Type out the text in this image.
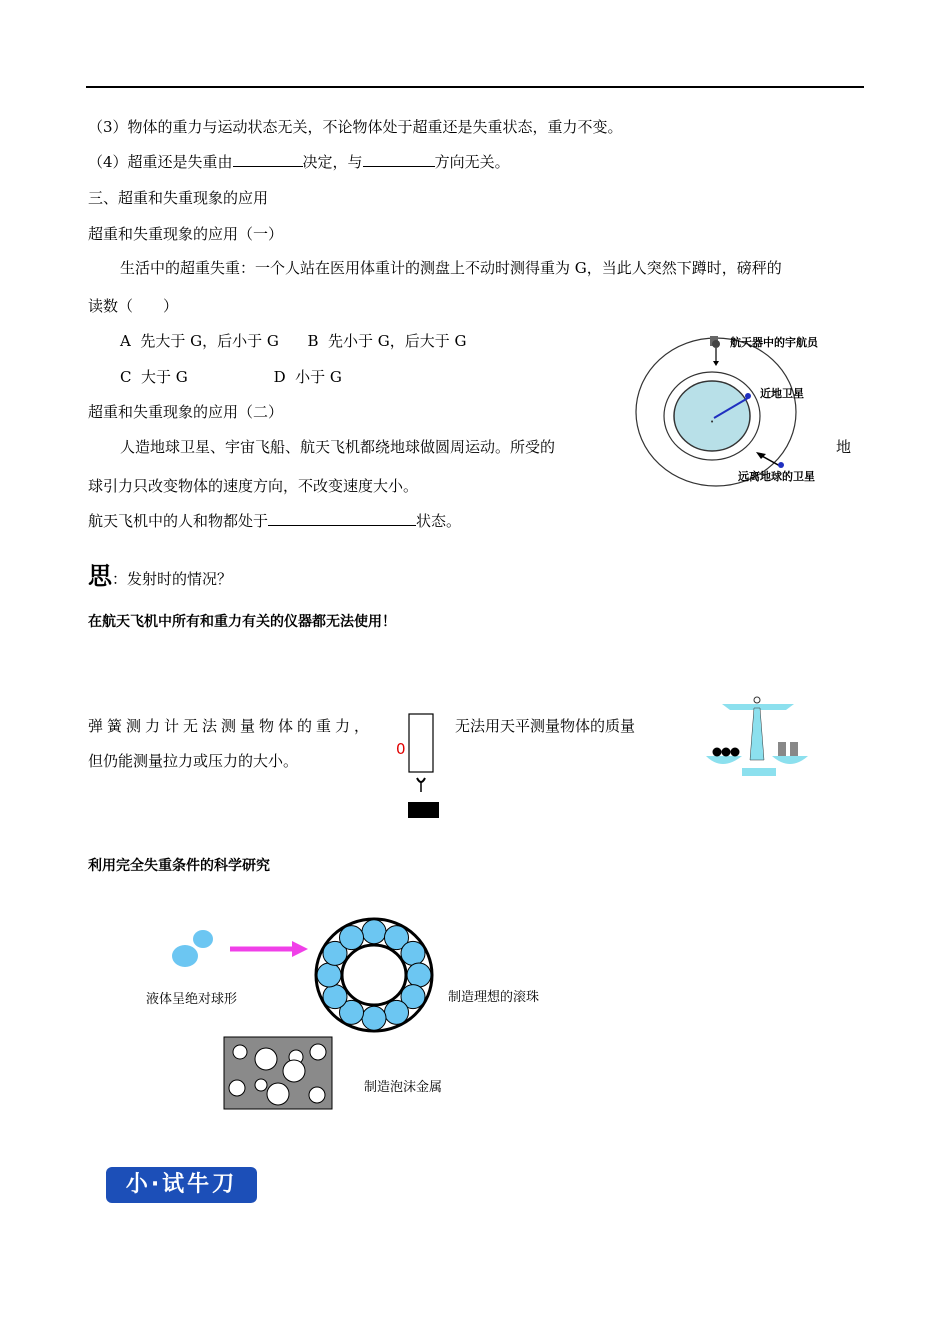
（3）物体的重力与运动状态无关，不论物体处于超重还是失重状态，重力不变。
（4）超重还是失重由	决定，与	方向无关。
三、超重和失重现象的应用
超重和失重现象的应用（一）
生活中的超重失重：一个人站在医用体重计的测盘上不动时测得重为 G，当此人突然下蹲时，磅秤的
读数（　　）
A  先大于 G，后小于 G      B  先小于 G，后大于 G
C  大于 G                  D  小于 G
超重和失重现象的应用（二）
人造地球卫星、宇宙飞船、航天飞机都绕地球做圆周运动。所受的	地
球引力只改变物体的速度方向，不改变速度大小。
航天飞机中的人和物都处于	状态。
•
航天器中的宇航员
近地卫星
远离地球的卫星
思：发射时的情况？
在航天飞机中所有和重力有关的仪器都无法使用！
弹簧测力计无法测量物体的重力，
但仍能测量拉力或压力的大小。
无法用天平测量物体的质量
0
利用完全失重条件的科学研究
液体呈绝对球形	制造理想的滚珠
制造泡沫金属
小·试牛刀
